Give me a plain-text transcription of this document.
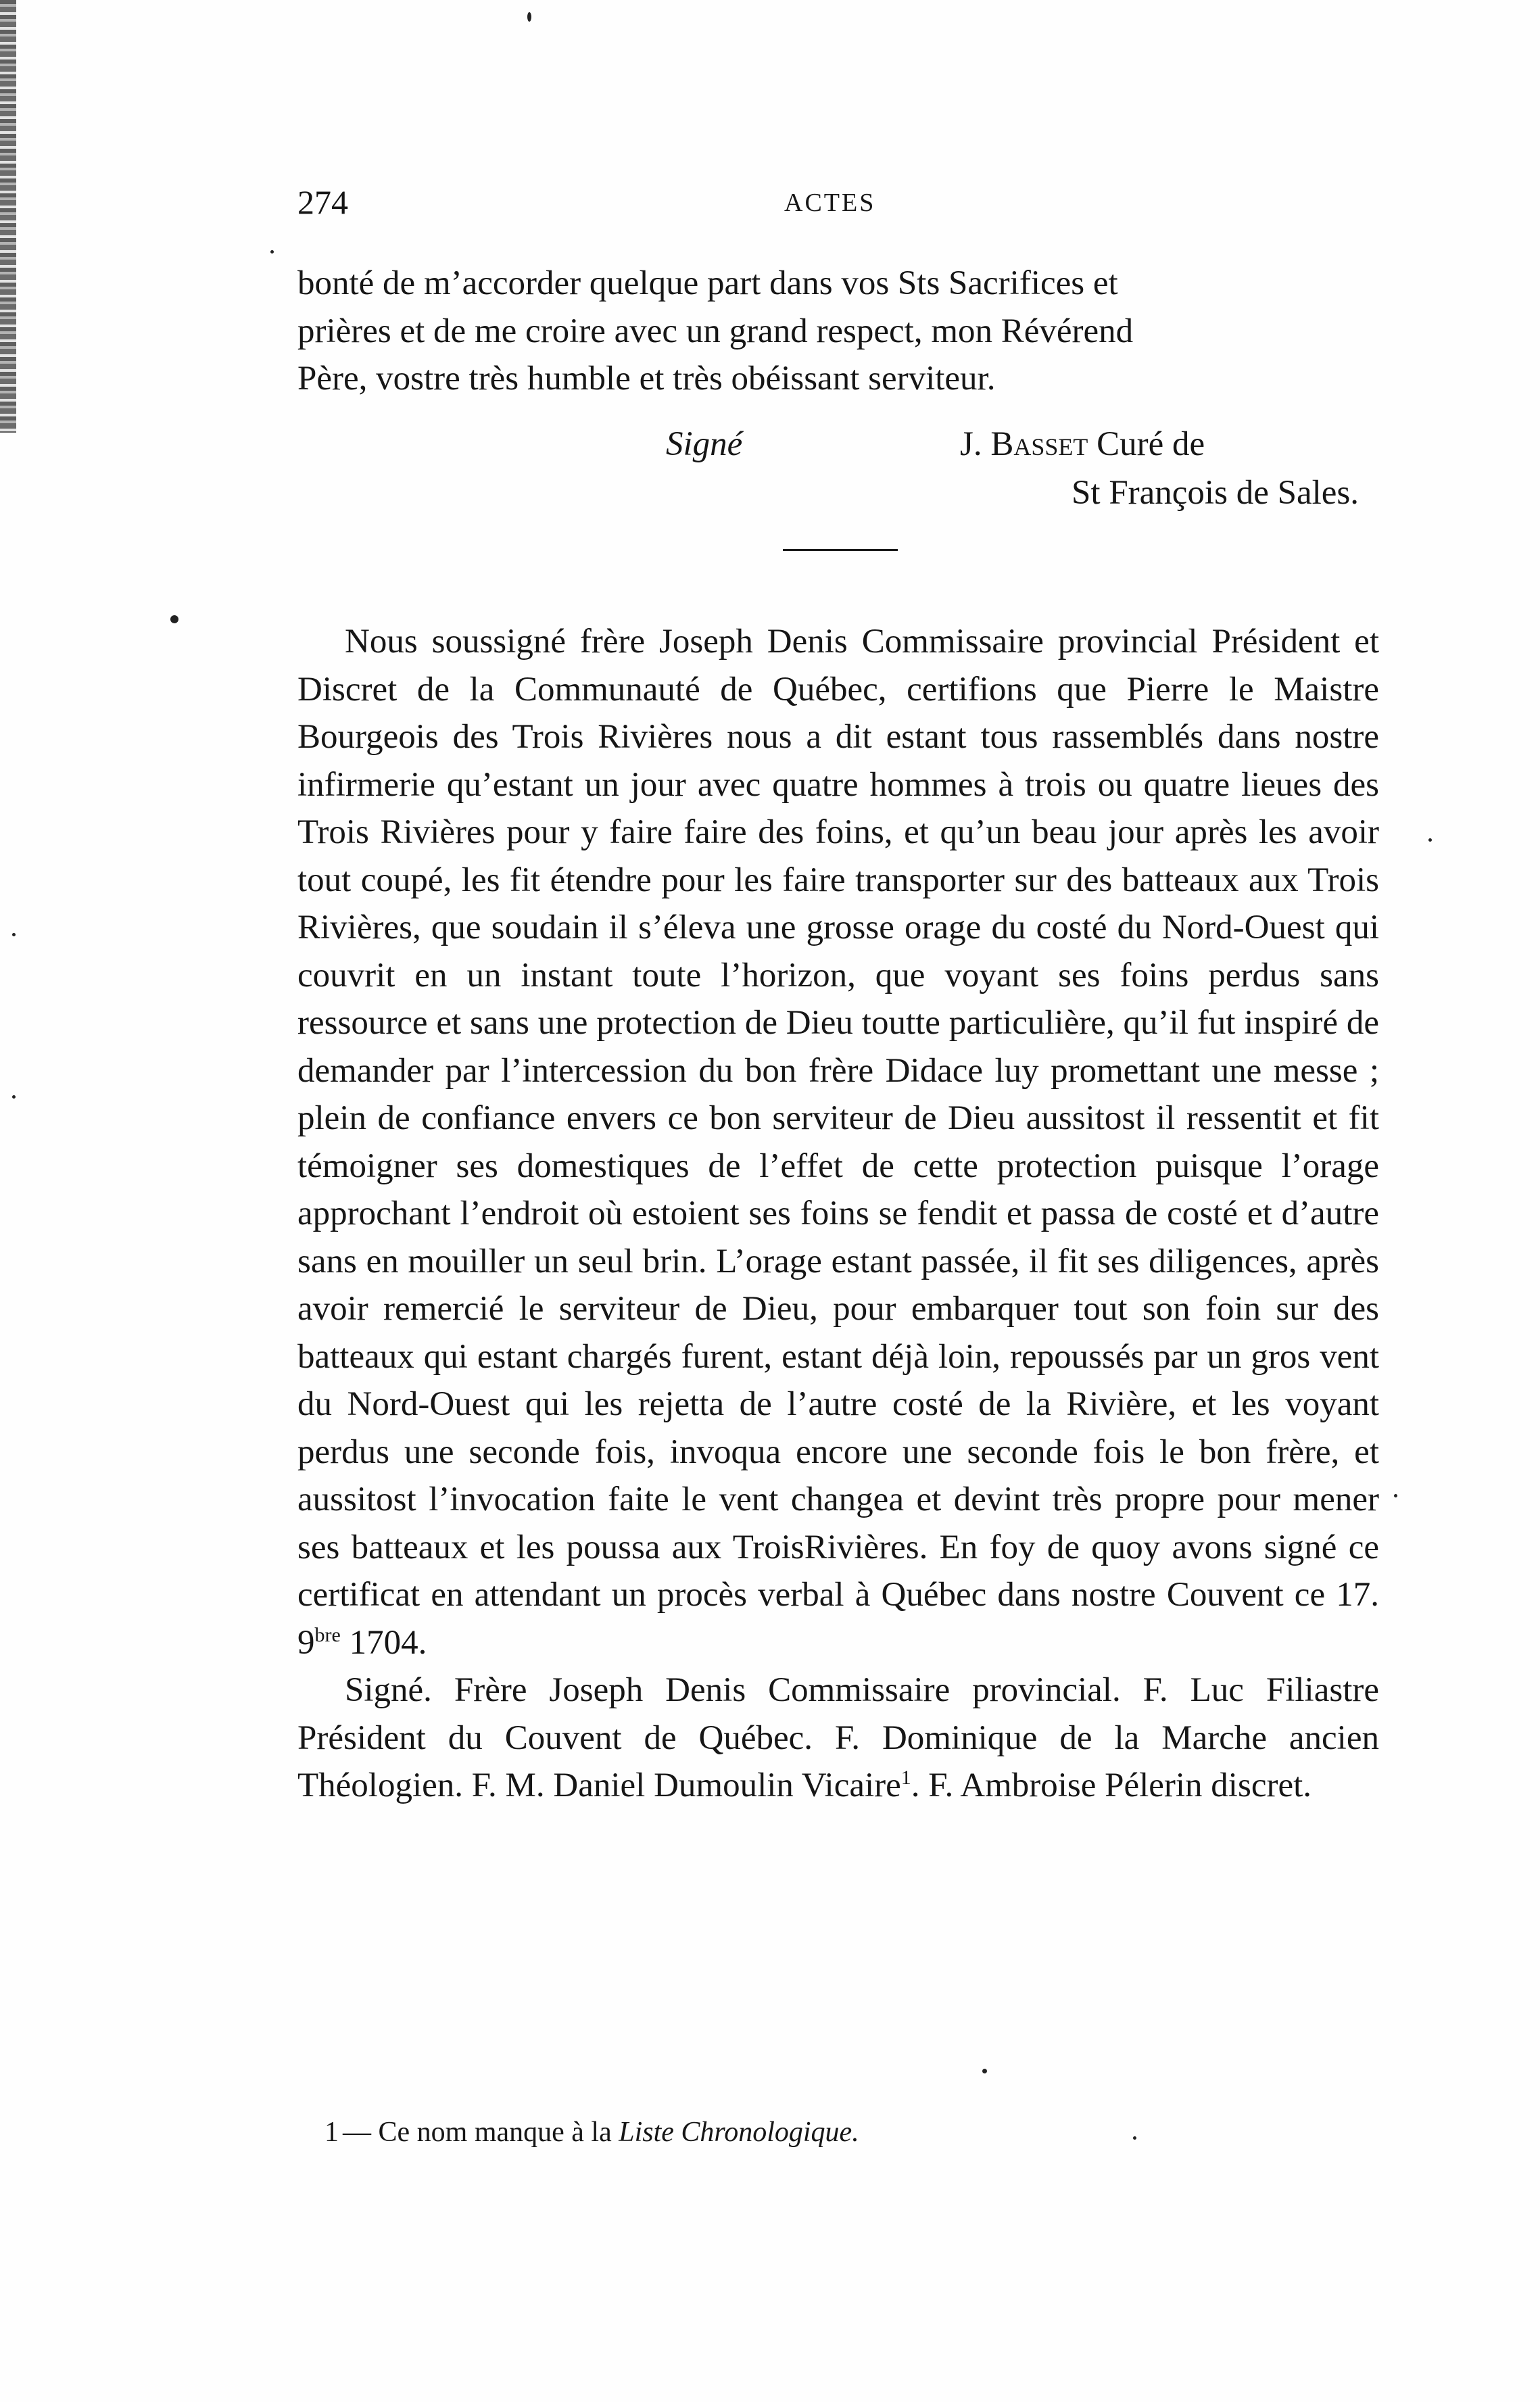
274	ACTES
bonté de m’accorder quelque part dans vos Sts Sacrifices et
prières et de me croire avec un grand respect, mon Révérend
Père, vostre très humble et très obéissant serviteur.
Signé	J. Basset Curé de
St François de Sales.

Nous soussigné frère Joseph Denis Commissaire provincial Président et Discret de la Communauté de Québec, certifions que Pierre le Maistre Bourgeois des Trois Rivières nous a dit estant tous rassemblés dans nostre infirmerie qu’estant un jour avec quatre hommes à trois ou quatre lieues des Trois Rivières pour y faire faire des foins, et qu’un beau jour après les avoir tout coupé, les fit étendre pour les faire transporter sur des batteaux aux Trois Rivières, que soudain il s’éleva une grosse orage du costé du Nord-Ouest qui couvrit en un instant toute l’horizon, que voyant ses foins perdus sans ressource et sans une protection de Dieu toutte particulière, qu’il fut inspiré de demander par l’intercession du bon frère Didace luy promettant une messe ; plein de confiance envers ce bon serviteur de Dieu aussitost il ressentit et fit témoigner ses domestiques de l’effet de cette protection puisque l’orage approchant l’endroit où estoient ses foins se fendit et passa de costé et d’autre sans en mouiller un seul brin. L’orage estant passée, il fit ses diligences, après avoir remercié le serviteur de Dieu, pour embarquer tout son foin sur des batteaux qui estant chargés furent, estant déjà loin, repoussés par un gros vent du Nord-Ouest qui les rejetta de l’autre costé de la Rivière, et les voyant perdus une seconde fois, invoqua encore une seconde fois le bon frère, et aussitost l’invocation faite le vent changea et devint très propre pour mener ses batteaux et les poussa aux TroisRivières. En foy de quoy avons signé ce certificat en attendant un procès verbal à Québec dans nostre Couvent ce 17. $9^{bre}$ 1704.

Signé. Frère Joseph Denis Commissaire provincial. F. Luc Filiastre Président du Couvent de Québec. F. Dominique de la Marche ancien Théologien. F. M. Daniel Dumoulin Vicaire$^1$. F. Ambroise Pélerin discret.

1 — Ce nom manque à la Liste Chronologique.
